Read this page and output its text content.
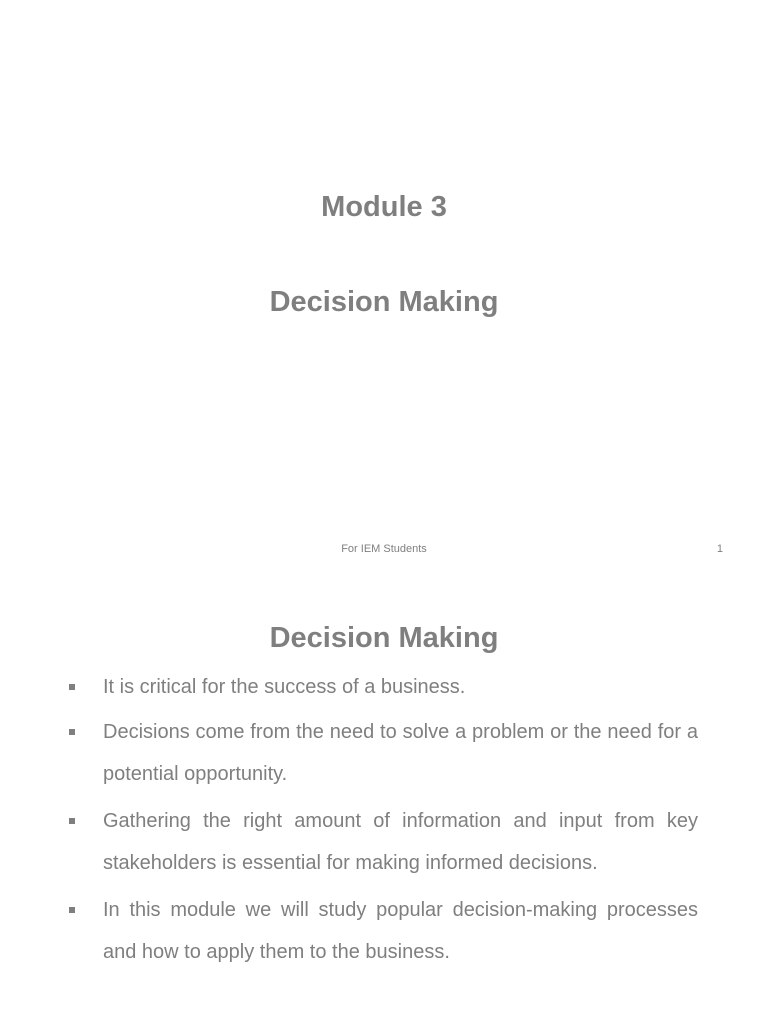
Module 3
Decision Making
For IEM Students	1
Decision Making
It is critical for the success of a business.
Decisions come from the need to solve a problem or the need for a potential opportunity.
Gathering the right amount of information and input from key stakeholders is essential for making informed decisions.
In this module we will study popular decision-making processes and how to apply them to the business.
